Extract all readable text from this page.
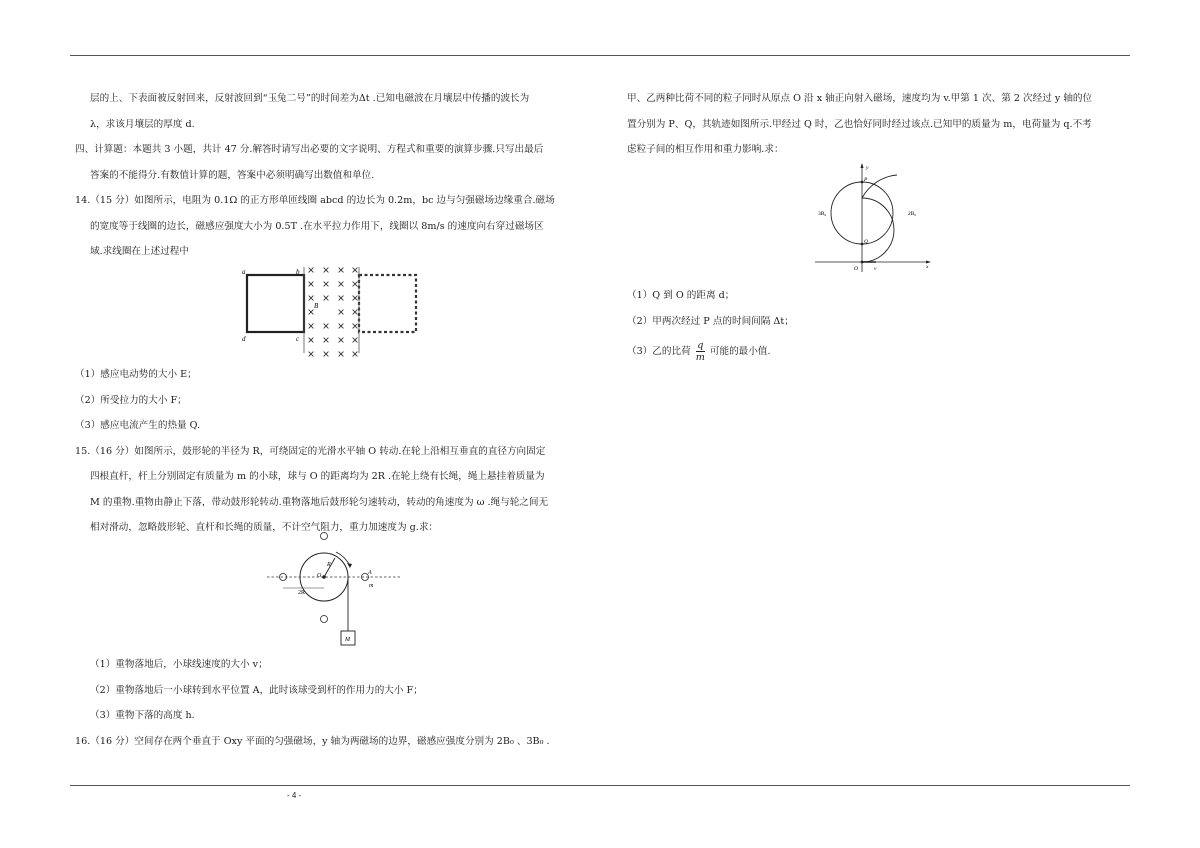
层的上、下表面被反射回来，反射波回到“玉兔二号”的时间差为Δt .已知电磁波在月壤层中传播的波长为

λ，求该月壤层的厚度 d.

四、计算题：本题共 3 小题，共计 47 分.解答时请写出必要的文字说明、方程式和重要的演算步骤.只写出最后

答案的不能得分.有数值计算的题，答案中必须明确写出数值和单位.

14.（15 分）如图所示，电阻为 0.1Ω 的正方形单匝线圈 abcd 的边长为 0.2m，bc 边与匀强磁场边缘重合.磁场

的宽度等于线圈的边长，磁感应强度大小为 0.5T .在水平拉力作用下，线圈以 8m/s 的速度向右穿过磁场区

域.求线圈在上述过程中

a	b
c
d
B

（1）感应电动势的大小 E；

（2）所受拉力的大小 F；

（3）感应电流产生的热量 Q.

15.（16 分）如图所示，鼓形轮的半径为 R，可绕固定的光滑水平轴 O 转动.在轮上沿相互垂直的直径方向固定

四根直杆，杆上分别固定有质量为 m 的小球，球与 O 的距离均为 2R .在轮上绕有长绳，绳上悬挂着质量为

M 的重物.重物由静止下落，带动鼓形轮转动.重物落地后鼓形轮匀速转动，转动的角速度为 ω .绳与轮之间无

相对滑动，忽略鼓形轮、直杆和长绳的质量，不计空气阻力，重力加速度为 g.求：

O
R
2R
A
m
M

（1）重物落地后，小球线速度的大小 v；

（2）重物落地后一小球转到水平位置 A，此时该球受到杆的作用力的大小 F；

（3）重物下落的高度 h.

16.（16 分）空间存在两个垂直于 Oxy 平面的匀强磁场，y 轴为两磁场的边界，磁感应强度分别为 2B₀ 、3B₀ .

甲、乙两种比荷不同的粒子同时从原点 O 沿 x 轴正向射入磁场，速度均为 v.甲第 1 次、第 2 次经过 y 轴的位

置分别为 P、Q，其轨迹如图所示.甲经过 Q 时，乙也恰好同时经过该点.已知甲的质量为 m，电荷量为 q.不考

虑粒子间的相互作用和重力影响.求：

y
x
P
Q
O	v
3B₀	2B₀

（1）Q 到 O 的距离 d；

（2）甲两次经过 P 点的时间间隔 Δt；

（3）乙的比荷 $\frac{q}{m}$ 可能的最小值.

- 4 -
